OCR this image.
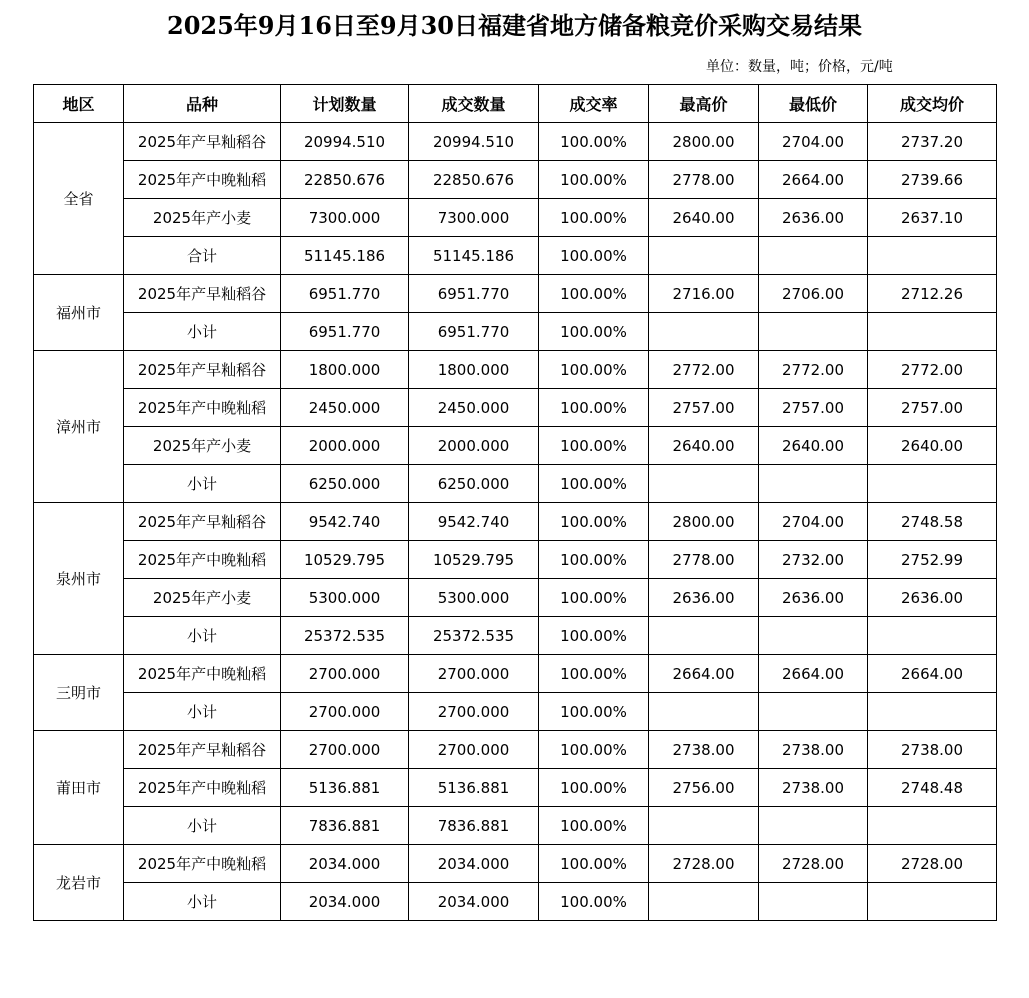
2025年9月16日至9月30日福建省地方储备粮竞价采购交易结果
单位：数量，吨；价格，元/吨
地区	品种	计划数量	成交数量	成交率	最高价	最低价	成交均价
全省	2025年产早籼稻谷	20994.510	20994.510	100.00%	2800.00	2704.00	2737.20
	2025年产中晚籼稻	22850.676	22850.676	100.00%	2778.00	2664.00	2739.66
	2025年产小麦	7300.000	7300.000	100.00%	2640.00	2636.00	2637.10
	合计	51145.186	51145.186	100.00%			
福州市	2025年产早籼稻谷	6951.770	6951.770	100.00%	2716.00	2706.00	2712.26
	小计	6951.770	6951.770	100.00%			
漳州市	2025年产早籼稻谷	1800.000	1800.000	100.00%	2772.00	2772.00	2772.00
	2025年产中晚籼稻	2450.000	2450.000	100.00%	2757.00	2757.00	2757.00
	2025年产小麦	2000.000	2000.000	100.00%	2640.00	2640.00	2640.00
	小计	6250.000	6250.000	100.00%			
泉州市	2025年产早籼稻谷	9542.740	9542.740	100.00%	2800.00	2704.00	2748.58
	2025年产中晚籼稻	10529.795	10529.795	100.00%	2778.00	2732.00	2752.99
	2025年产小麦	5300.000	5300.000	100.00%	2636.00	2636.00	2636.00
	小计	25372.535	25372.535	100.00%			
三明市	2025年产中晚籼稻	2700.000	2700.000	100.00%	2664.00	2664.00	2664.00
	小计	2700.000	2700.000	100.00%			
莆田市	2025年产早籼稻谷	2700.000	2700.000	100.00%	2738.00	2738.00	2738.00
	2025年产中晚籼稻	5136.881	5136.881	100.00%	2756.00	2738.00	2748.48
	小计	7836.881	7836.881	100.00%			
龙岩市	2025年产中晚籼稻	2034.000	2034.000	100.00%	2728.00	2728.00	2728.00
	小计	2034.000	2034.000	100.00%			
